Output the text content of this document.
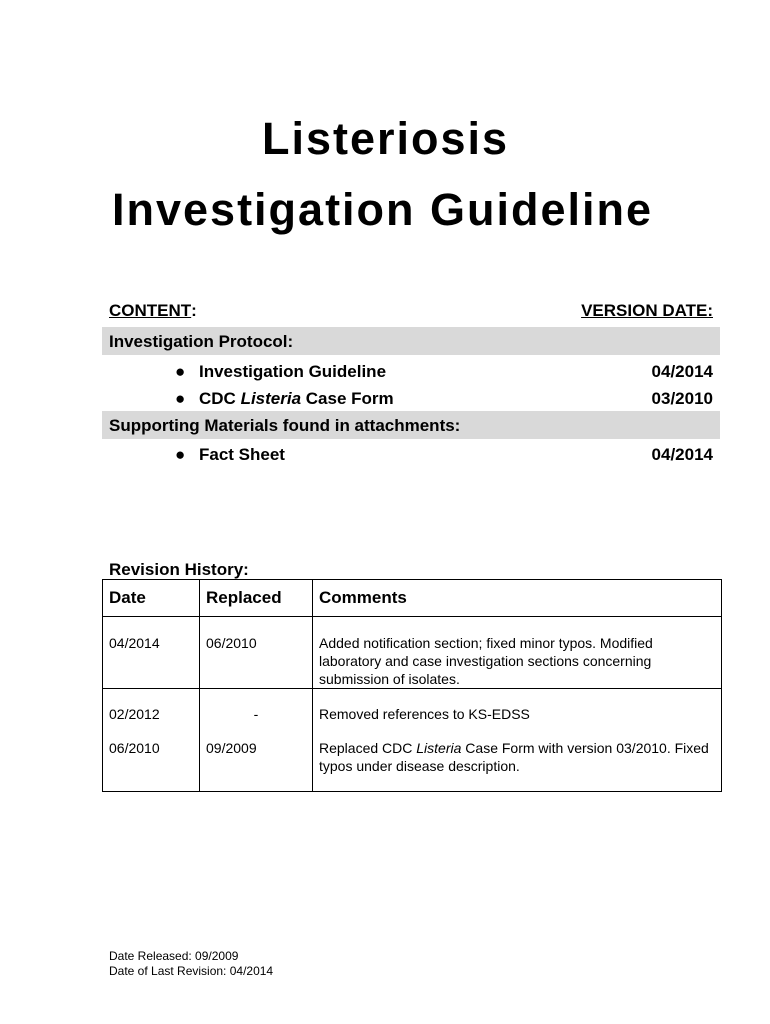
Listeriosis
Investigation Guideline
CONTENT:	VERSION DATE:
Investigation Protocol:
● Investigation Guideline	04/2014
● CDC Listeria Case Form	03/2010
Supporting Materials found in attachments:
● Fact Sheet	04/2014
Revision History:
Date	Replaced	Comments
04/2014	06/2010	Added notification section; fixed minor typos. Modified laboratory and case investigation sections concerning submission of isolates.
02/2012	-	Removed references to KS-EDSS
06/2010	09/2009	Replaced CDC Listeria Case Form with version 03/2010. Fixed typos under disease description.
Date Released: 09/2009
Date of Last Revision: 04/2014
